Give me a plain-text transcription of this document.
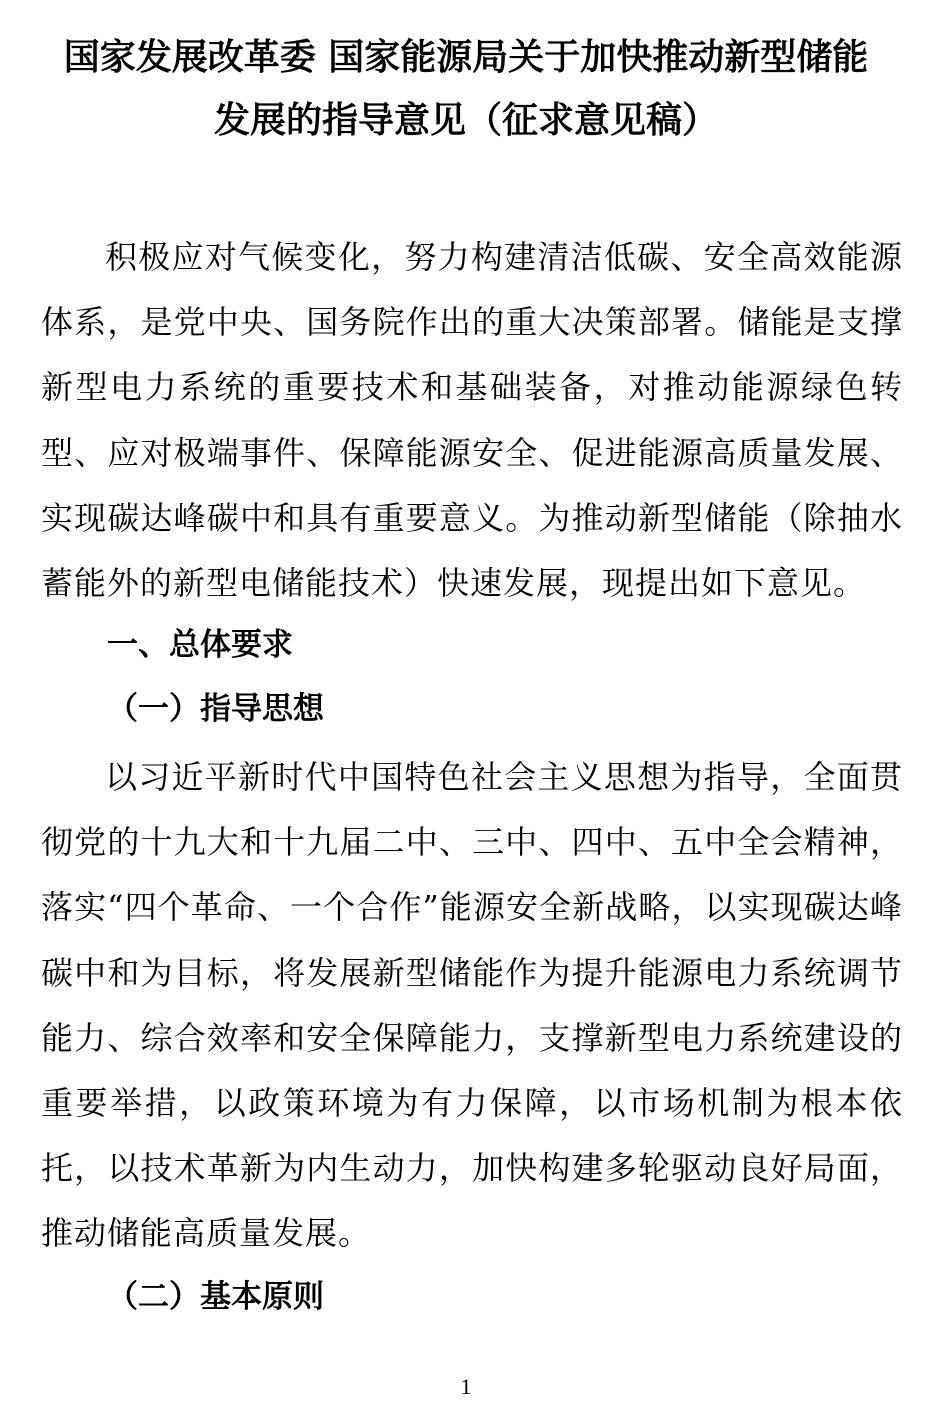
国家发展改革委 国家能源局关于加快推动新型储能
发展的指导意见（征求意见稿）

积极应对气候变化，努力构建清洁低碳、安全高效能源体系，是党中央、国务院作出的重大决策部署。储能是支撑新型电力系统的重要技术和基础装备，对推动能源绿色转型、应对极端事件、保障能源安全、促进能源高质量发展、实现碳达峰碳中和具有重要意义。为推动新型储能（除抽水蓄能外的新型电储能技术）快速发展，现提出如下意见。

一、总体要求
（一）指导思想

以习近平新时代中国特色社会主义思想为指导，全面贯彻党的十九大和十九届二中、三中、四中、五中全会精神，落实“四个革命、一个合作”能源安全新战略，以实现碳达峰碳中和为目标，将发展新型储能作为提升能源电力系统调节能力、综合效率和安全保障能力，支撑新型电力系统建设的重要举措，以政策环境为有力保障，以市场机制为根本依托，以技术革新为内生动力，加快构建多轮驱动良好局面，推动储能高质量发展。

（二）基本原则
1
